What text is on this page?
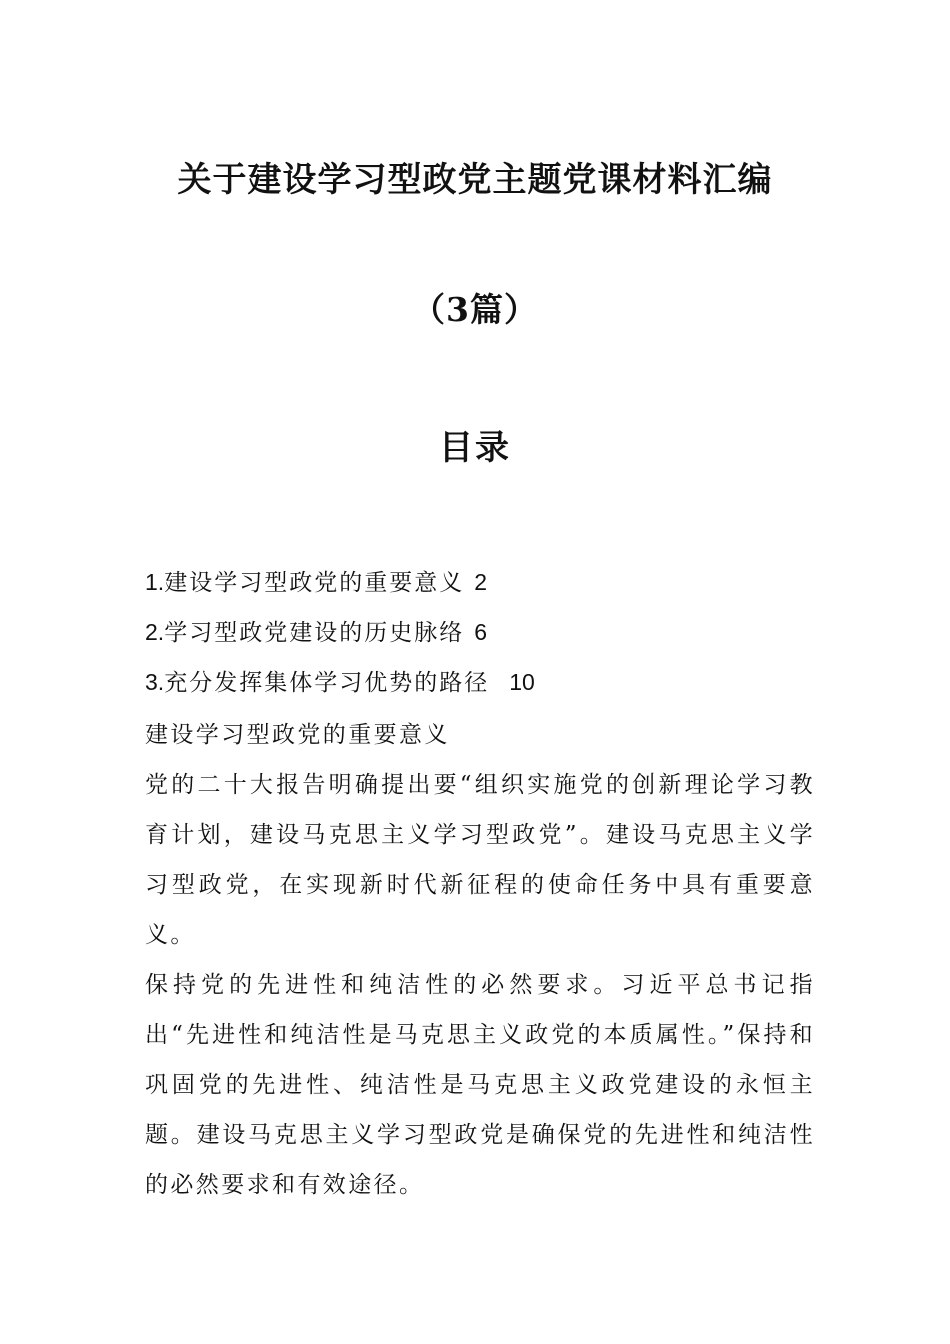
关于建设学习型政党主题党课材料汇编
（3篇）
目录
1.建设学习型政党的重要意义 2
2.学习型政党建设的历史脉络 6
3.充分发挥集体学习优势的路径 10

建设学习型政党的重要意义

党的二十大报告明确提出要“组织实施党的创新理论学习教育计划，建设马克思主义学习型政党”。建设马克思主义学习型政党，在实现新时代新征程的使命任务中具有重要意义。

保持党的先进性和纯洁性的必然要求。习近平总书记指出“先进性和纯洁性是马克思主义政党的本质属性。”保持和巩固党的先进性、纯洁性是马克思主义政党建设的永恒主题。建设马克思主义学习型政党是确保党的先进性和纯洁性的必然要求和有效途径。
